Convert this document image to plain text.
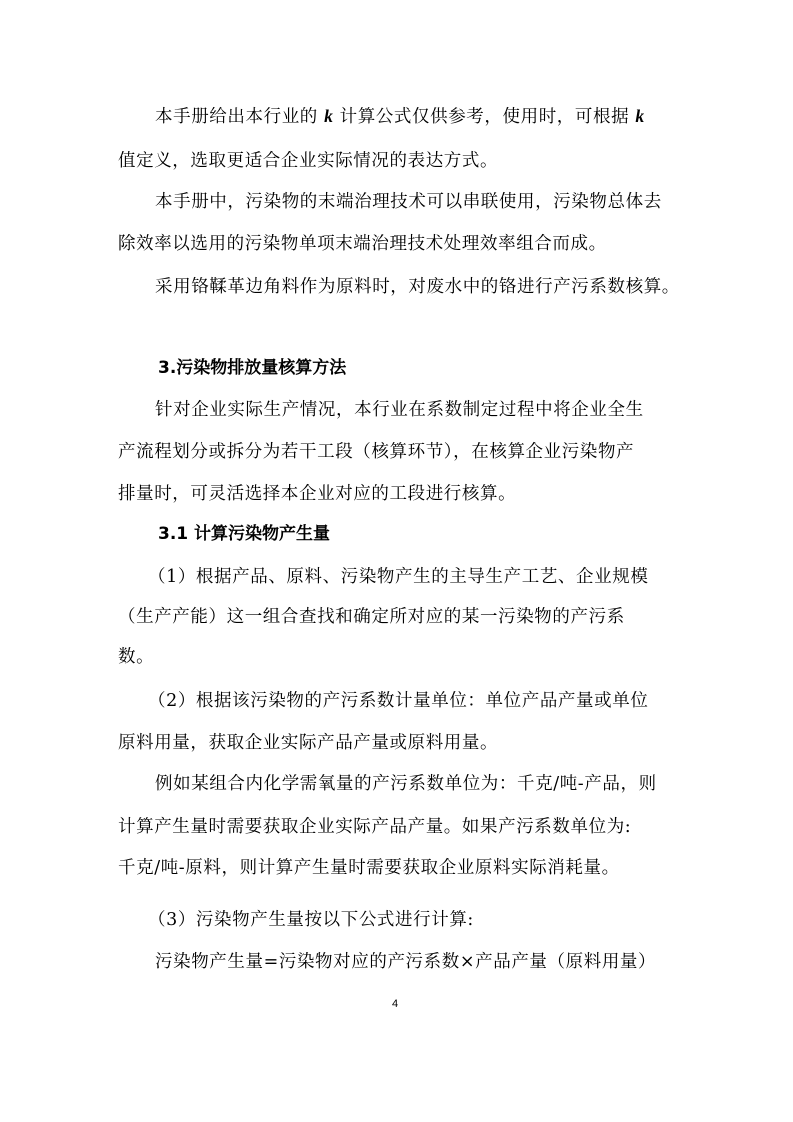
本手册给出本行业的 k 计算公式仅供参考，使用时，可根据 k
值定义，选取更适合企业实际情况的表达方式。
本手册中，污染物的末端治理技术可以串联使用，污染物总体去
除效率以选用的污染物单项末端治理技术处理效率组合而成。
采用铬鞣革边角料作为原料时，对废水中的铬进行产污系数核算。
3.污染物排放量核算方法
针对企业实际生产情况，本行业在系数制定过程中将企业全生
产流程划分或拆分为若干工段（核算环节），在核算企业污染物产
排量时，可灵活选择本企业对应的工段进行核算。
3.1 计算污染物产生量
（1）根据产品、原料、污染物产生的主导生产工艺、企业规模
（生产产能）这一组合查找和确定所对应的某一污染物的产污系
数。
（2）根据该污染物的产污系数计量单位：单位产品产量或单位
原料用量，获取企业实际产品产量或原料用量。
例如某组合内化学需氧量的产污系数单位为：千克/吨-产品，则
计算产生量时需要获取企业实际产品产量。如果产污系数单位为:
千克/吨-原料，则计算产生量时需要获取企业原料实际消耗量。
（3）污染物产生量按以下公式进行计算:
污染物产生量=污染物对应的产污系数×产品产量（原料用量）
4
